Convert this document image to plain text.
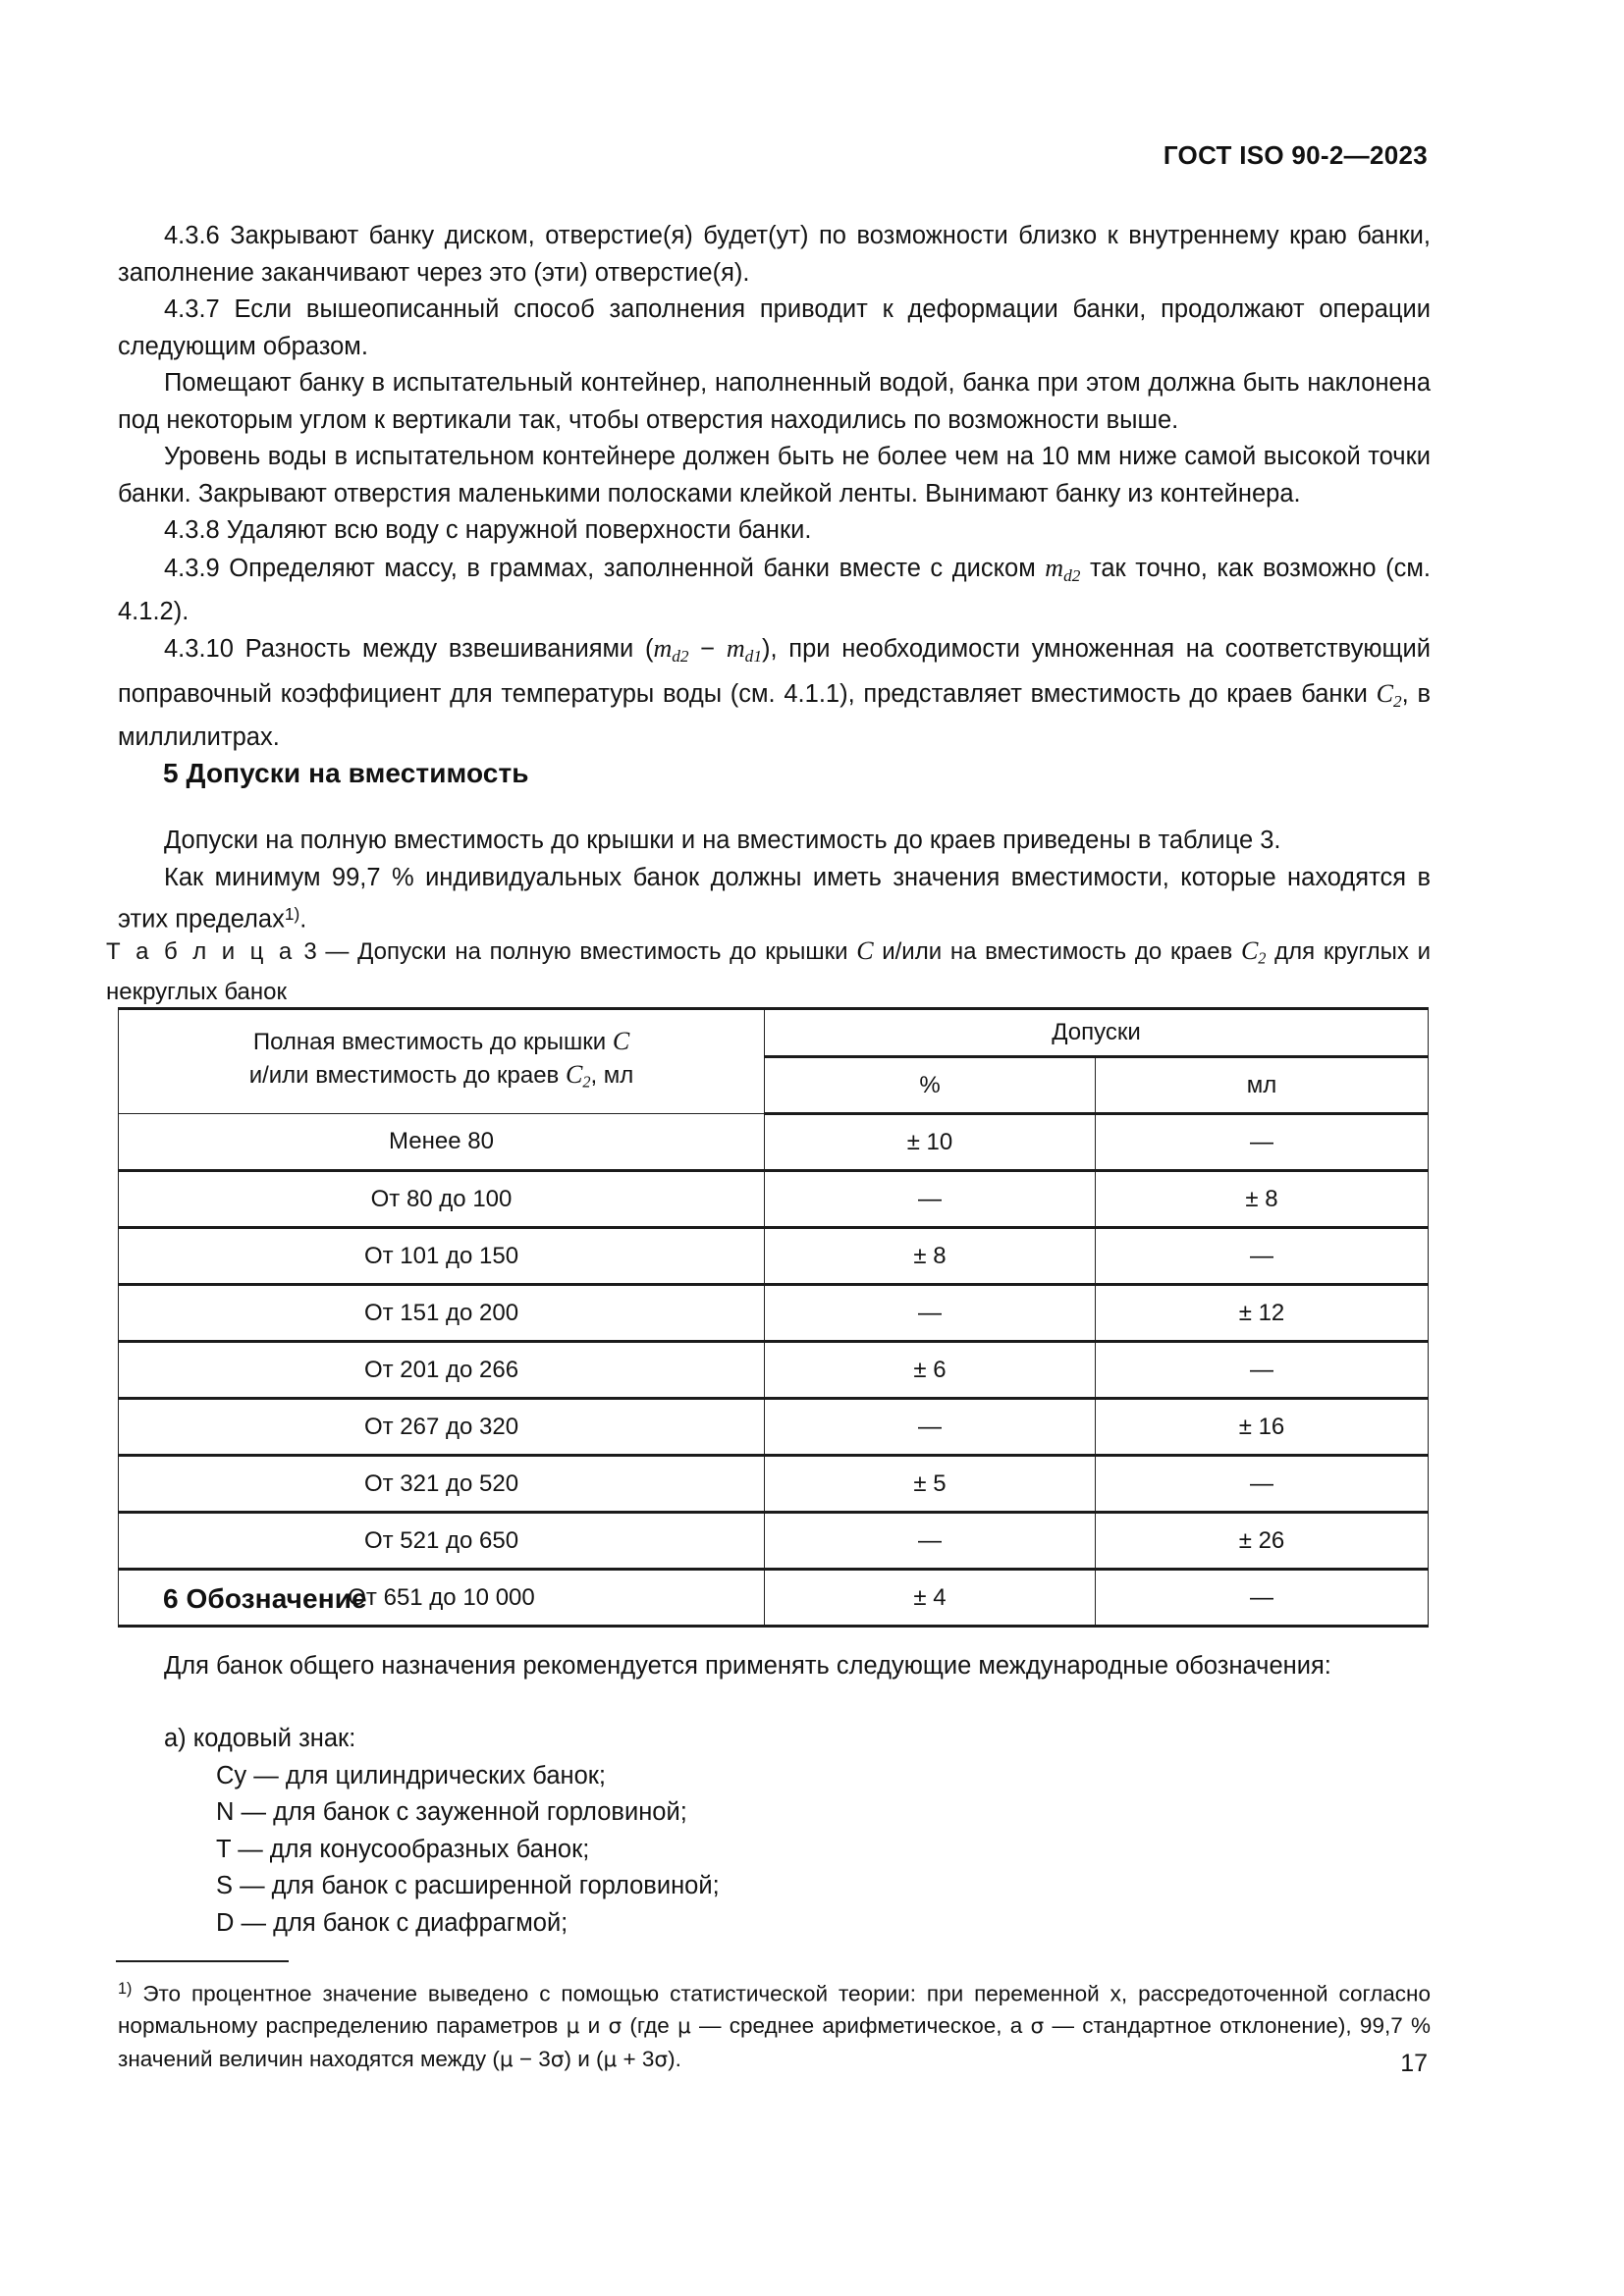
ГОСТ ISO 90-2—2023

4.3.6 Закрывают банку диском, отверстие(я) будет(ут) по возможности близко к внутреннему краю банки, заполнение заканчивают через это (эти) отверстие(я).

4.3.7 Если вышеописанный способ заполнения приводит к деформации банки, продолжают операции следующим образом.

Помещают банку в испытательный контейнер, наполненный водой, банка при этом должна быть наклонена под некоторым углом к вертикали так, чтобы отверстия находились по возможности выше.

Уровень воды в испытательном контейнере должен быть не более чем на 10 мм ниже самой высокой точки банки. Закрывают отверстия маленькими полосками клейкой ленты. Вынимают банку из контейнера.

4.3.8 Удаляют всю воду с наружной поверхности банки.

4.3.9 Определяют массу, в граммах, заполненной банки вместе с диском $m_{d2}$ так точно, как возможно (см. 4.1.2).

4.3.10 Разность между взвешиваниями $(m_{d2} - m_{d1})$, при необходимости умноженная на соответствующий поправочный коэффициент для температуры воды (см. 4.1.1), представляет вместимость до краев банки $C_2$, в миллилитрах.

5 Допуски на вместимость

Допуски на полную вместимость до крышки и на вместимость до краев приведены в таблице 3.

Как минимум 99,7 % индивидуальных банок должны иметь значения вместимости, которые находятся в этих пределах$^{1)}$.

Т а б л и ц а 3 — Допуски на полную вместимость до крышки C и/или на вместимость до краев $C_2$ для круглых и некруглых банок
Полная вместимость до крышки C
и/или вместимость до краев $C_2$, мл	Допуски	
	%	мл
Менее 80	± 10	—
От 80 до 100	—	± 8
От 101 до 150	± 8	—
От 151 до 200	—	± 12
От 201 до 266	± 6	—
От 267 до 320	—	± 16
От 321 до 520	± 5	—
От 521 до 650	—	± 26
От 651 до 10 000	± 4	—
6 Обозначение

Для банок общего назначения рекомендуется применять следующие международные обозначения:

а) кодовый знак:

Cy — для цилиндрических банок;

N — для банок с зауженной горловиной;

T — для конусообразных банок;

S — для банок с расширенной горловиной;

D — для банок с диафрагмой;

$^{1)}$ Это процентное значение выведено с помощью статистической теории: при переменной x, рассредоточенной согласно нормальному распределению параметров μ и σ (где μ — среднее арифметическое, а σ — стандартное отклонение), 99,7 % значений величин находятся между (μ − 3σ) и (μ + 3σ).	17
